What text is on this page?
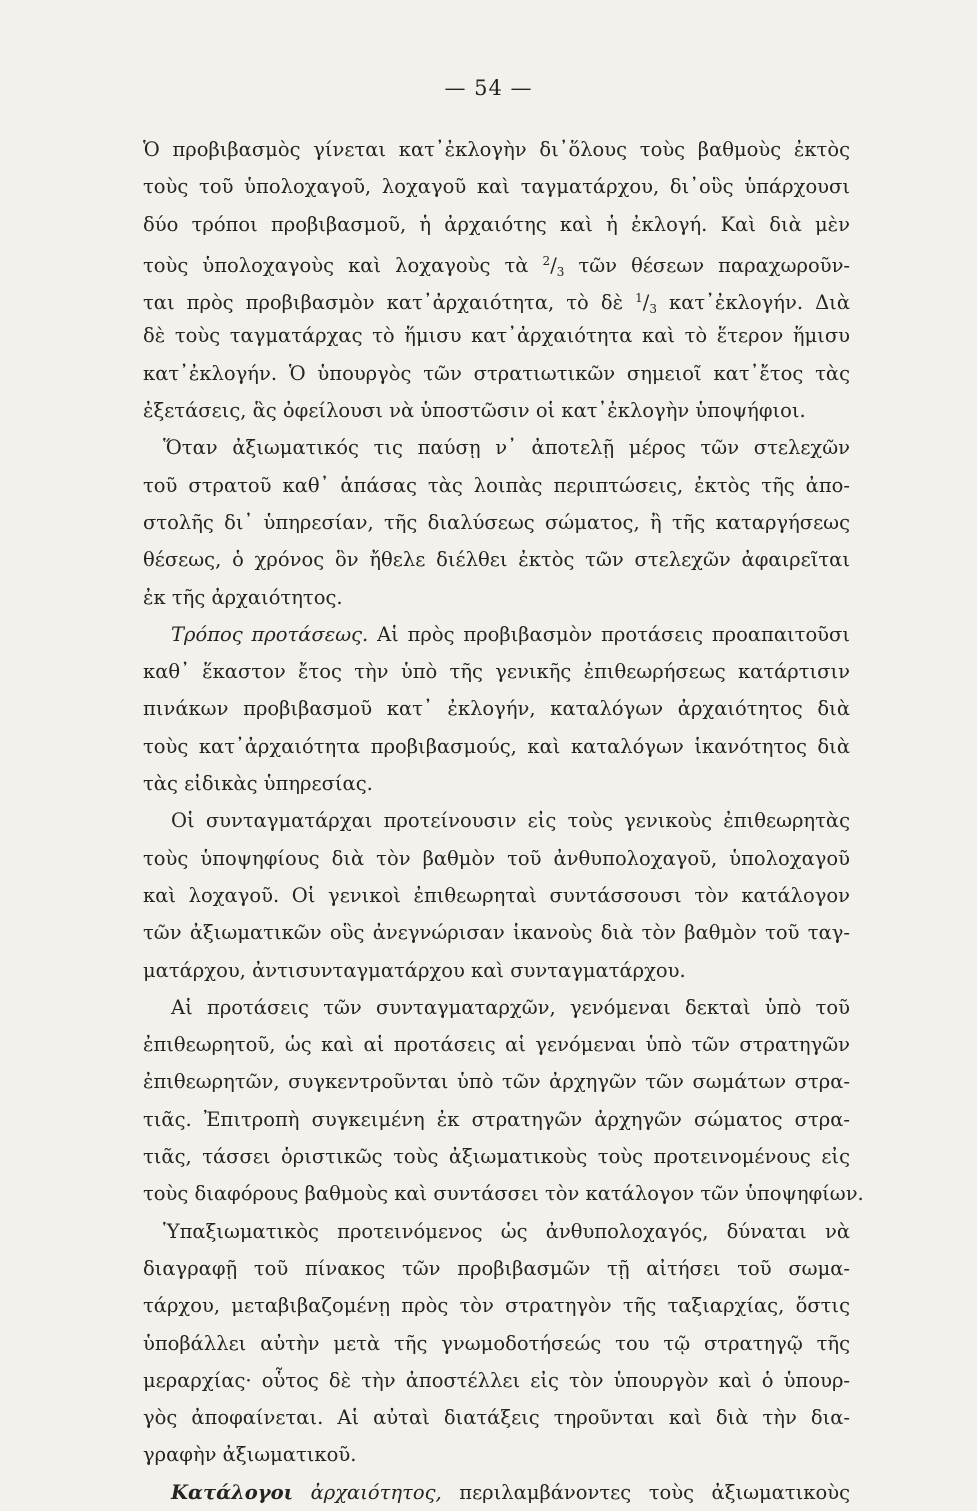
— 54 —
Ὁ προβιβασμὸς γίνεται κατ᾽ἐκλογὴν δι᾽ὅλους τοὺς βαθμοὺς ἐκτὸς
τοὺς τοῦ ὑπολοχαγοῦ, λοχαγοῦ καὶ ταγματάρχου, δι᾽οὓς ὑπάρχουσι
δύο τρόποι προβιβασμοῦ, ἡ ἀρχαιότης καὶ ἡ ἐκλογή. Καὶ διὰ μὲν
τοὺς ὑπολοχαγοὺς καὶ λοχαγοὺς τὰ $^2/_3$ τῶν θέσεων παραχωροῦν-
ται πρὸς προβιβασμὸν κατ᾽ἀρχαιότητα, τὸ δὲ $^1/_3$ κατ᾽ἐκλογήν. Διὰ
δὲ τοὺς ταγματάρχας τὸ ἥμισυ κατ᾽ἀρχαιότητα καὶ τὸ ἕτερον ἥμισυ
κατ᾽ἐκλογήν. Ὁ ὑπουργὸς τῶν στρατιωτικῶν σημειοῖ κατ᾽ἔτος τὰς
ἐξετάσεις, ἃς ὀφείλουσι νὰ ὑποστῶσιν οἱ κατ᾽ἐκλογὴν ὑποψήφιοι.
Ὅταν ἀξιωματικός τις παύσῃ ν᾽ ἀποτελῇ μέρος τῶν στελεχῶν
τοῦ στρατοῦ καθ᾽ ἁπάσας τὰς λοιπὰς περιπτώσεις, ἐκτὸς τῆς ἀπο-
στολῆς δι᾽ ὑπηρεσίαν, τῆς διαλύσεως σώματος, ἢ τῆς καταργήσεως
θέσεως, ὁ χρόνος ὃν ἤθελε διέλθει ἐκτὸς τῶν στελεχῶν ἀφαιρεῖται
ἐκ τῆς ἀρχαιότητος.
Τρόπος προτάσεως. Αἱ πρὸς προβιβασμὸν προτάσεις προαπαιτοῦσι
καθ᾽ ἕκαστον ἔτος τὴν ὑπὸ τῆς γενικῆς ἐπιθεωρήσεως κατάρτισιν
πινάκων προβιβασμοῦ κατ᾽ ἐκλογήν, καταλόγων ἀρχαιότητος διὰ
τοὺς κατ᾽ἀρχαιότητα προβιβασμούς, καὶ καταλόγων ἱκανότητος διὰ
τὰς εἰδικὰς ὑπηρεσίας.
Οἱ συνταγματάρχαι προτείνουσιν εἰς τοὺς γενικοὺς ἐπιθεωρητὰς
τοὺς ὑποψηφίους διὰ τὸν βαθμὸν τοῦ ἀνθυπολοχαγοῦ, ὑπολοχαγοῦ
καὶ λοχαγοῦ. Οἱ γενικοὶ ἐπιθεωρηταὶ συντάσσουσι τὸν κατάλογον
τῶν ἀξιωματικῶν οὓς ἀνεγνώρισαν ἱκανοὺς διὰ τὸν βαθμὸν τοῦ ταγ-
ματάρχου, ἀντισυνταγματάρχου καὶ συνταγματάρχου.
Αἱ προτάσεις τῶν συνταγματαρχῶν, γενόμεναι δεκταὶ ὑπὸ τοῦ
ἐπιθεωρητοῦ, ὡς καὶ αἱ προτάσεις αἱ γενόμεναι ὑπὸ τῶν στρατηγῶν
ἐπιθεωρητῶν, συγκεντροῦνται ὑπὸ τῶν ἀρχηγῶν τῶν σωμάτων στρα-
τιᾶς. Ἐπιτροπὴ συγκειμένη ἐκ στρατηγῶν ἀρχηγῶν σώματος στρα-
τιᾶς, τάσσει ὁριστικῶς τοὺς ἀξιωματικοὺς τοὺς προτεινομένους εἰς
τοὺς διαφόρους βαθμοὺς καὶ συντάσσει τὸν κατάλογον τῶν ὑποψηφίων.
Ὑπαξιωματικὸς προτεινόμενος ὡς ἀνθυπολοχαγός, δύναται νὰ
διαγραφῇ τοῦ πίνακος τῶν προβιβασμῶν τῇ αἰτήσει τοῦ σωμα-
τάρχου, μεταβιβαζομένῃ πρὸς τὸν στρατηγὸν τῆς ταξιαρχίας, ὅστις
ὑποβάλλει αὐτὴν μετὰ τῆς γνωμοδοτήσεώς του τῷ στρατηγῷ τῆς
μεραρχίας· οὗτος δὲ τὴν ἀποστέλλει εἰς τὸν ὑπουργὸν καὶ ὁ ὑπουρ-
γὸς ἀποφαίνεται. Αἱ αὐταὶ διατάξεις τηροῦνται καὶ διὰ τὴν δια-
γραφὴν ἀξιωματικοῦ.
Κατάλογοι ἀρχαιότητος, περιλαμβάνοντες τοὺς ἀξιωματικοὺς
